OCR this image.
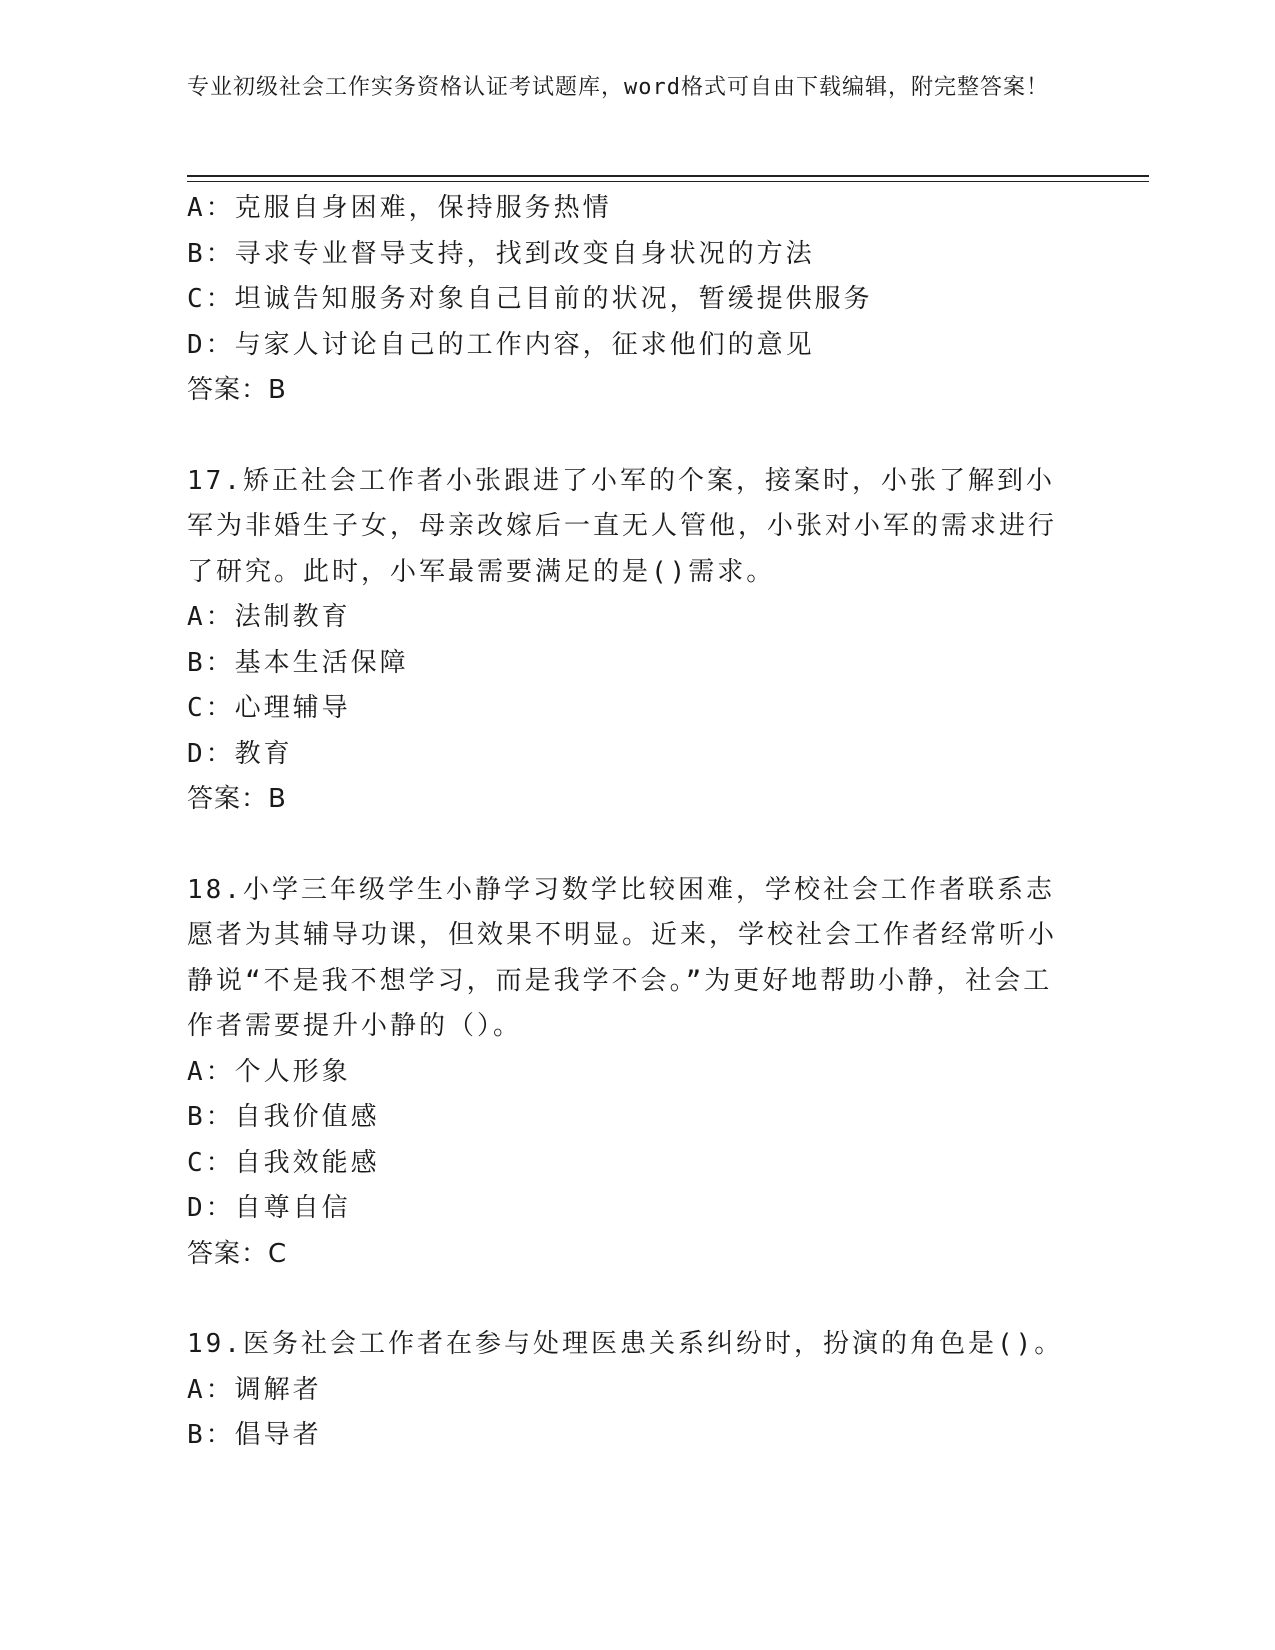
专业初级社会工作实务资格认证考试题库，word格式可自由下载编辑，附完整答案！
A：克服自身困难，保持服务热情
B：寻求专业督导支持，找到改变自身状况的方法
C：坦诚告知服务对象自己目前的状况，暂缓提供服务
D：与家人讨论自己的工作内容，征求他们的意见
答案：B
17.矫正社会工作者小张跟进了小军的个案，接案时，小张了解到小军为非婚生子女，母亲改嫁后一直无人管他，小张对小军的需求进行了研究。此时，小军最需要满足的是()需求。
A：法制教育
B：基本生活保障
C：心理辅导
D：教育
答案：B
18.小学三年级学生小静学习数学比较困难，学校社会工作者联系志愿者为其辅导功课，但效果不明显。近来，学校社会工作者经常听小静说“不是我不想学习，而是我学不会。”为更好地帮助小静，社会工作者需要提升小静的（）。
A：个人形象
B：自我价值感
C：自我效能感
D：自尊自信
答案：C
19.医务社会工作者在参与处理医患关系纠纷时，扮演的角色是()。
A：调解者
B：倡导者
